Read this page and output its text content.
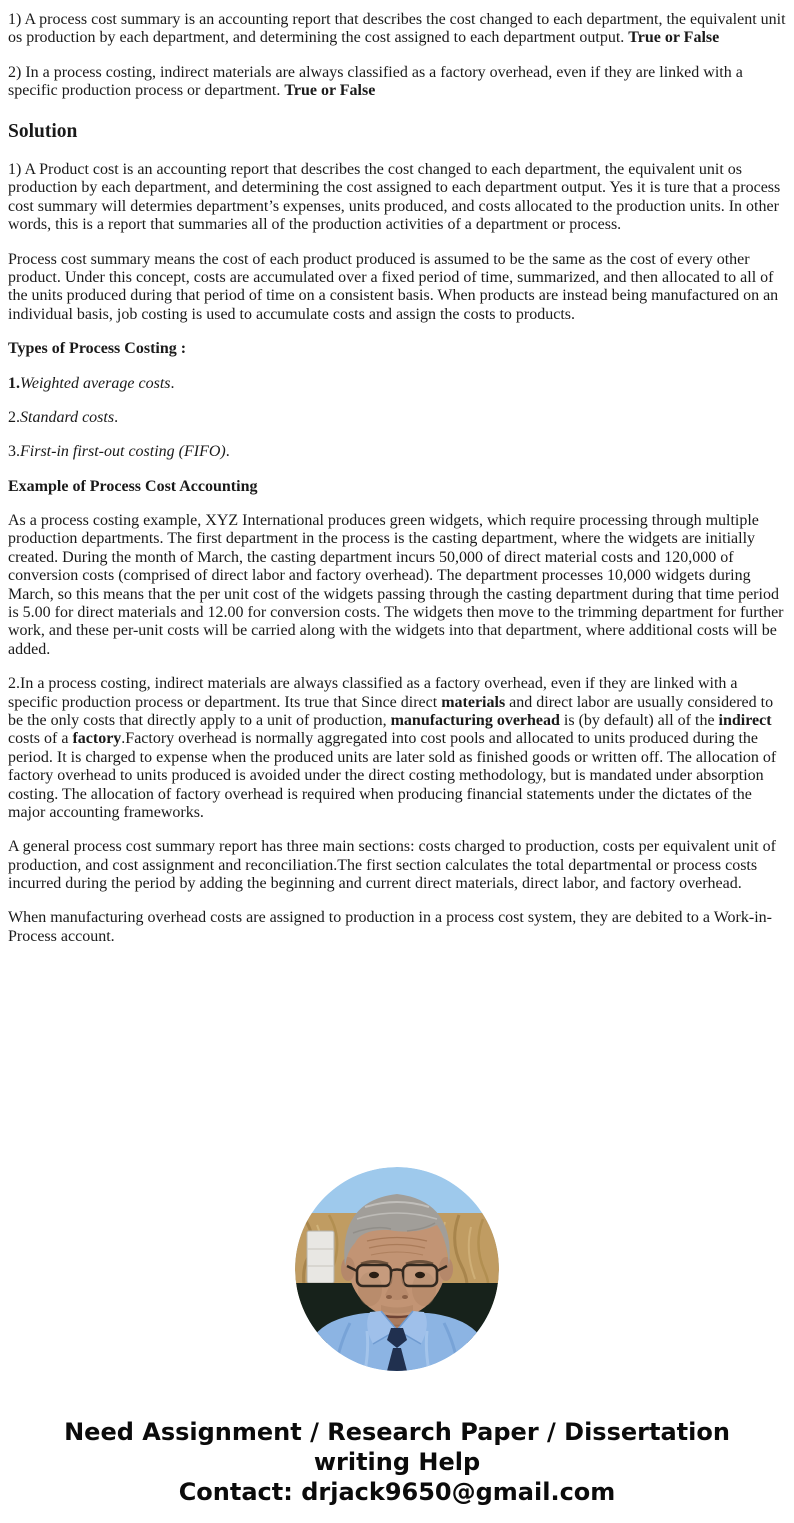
1) A process cost summary is an accounting report that describes the cost changed to each department, the equivalent unit os production by each department, and determining the cost assigned to each department output. True or False

2) In a process costing, indirect materials are always classified as a factory overhead, even if they are linked with a specific production process or department. True or False

Solution

1) A Product cost is an accounting report that describes the cost changed to each department, the equivalent unit os production by each department, and determining the cost assigned to each department output. Yes it is ture that a process cost summary will determies department’s expenses, units produced, and costs allocated to the production units. In other words, this is a report that summaries all of the production activities of a department or process.

Process cost summary means the cost of each product produced is assumed to be the same as the cost of every other product. Under this concept, costs are accumulated over a fixed period of time, summarized, and then allocated to all of the units produced during that period of time on a consistent basis. When products are instead being manufactured on an individual basis, job costing is used to accumulate costs and assign the costs to products.

Types of Process Costing :

1.Weighted average costs.

2.Standard costs.

3.First-in first-out costing (FIFO).

Example of Process Cost Accounting

As a process costing example, XYZ International produces green widgets, which require processing through multiple production departments. The first department in the process is the casting department, where the widgets are initially created. During the month of March, the casting department incurs 50,000 of direct material costs and 120,000 of conversion costs (comprised of direct labor and factory overhead). The department processes 10,000 widgets during March, so this means that the per unit cost of the widgets passing through the casting department during that time period is 5.00 for direct materials and 12.00 for conversion costs. The widgets then move to the trimming department for further work, and these per-unit costs will be carried along with the widgets into that department, where additional costs will be added.

2.In a process costing, indirect materials are always classified as a factory overhead, even if they are linked with a specific production process or department. Its true that Since direct materials and direct labor are usually considered to be the only costs that directly apply to a unit of production, manufacturing overhead is (by default) all of the indirect costs of a factory.Factory overhead is normally aggregated into cost pools and allocated to units produced during the period. It is charged to expense when the produced units are later sold as finished goods or written off. The allocation of factory overhead to units produced is avoided under the direct costing methodology, but is mandated under absorption costing. The allocation of factory overhead is required when producing financial statements under the dictates of the major accounting frameworks.

A general process cost summary report has three main sections: costs charged to production, costs per equivalent unit of production, and cost assignment and reconciliation.The first section calculates the total departmental or process costs incurred during the period by adding the beginning and current direct materials, direct labor, and factory overhead.

When manufacturing overhead costs are assigned to production in a process cost system, they are debited to a Work-in-Process account.

Need Assignment / Research Paper / Dissertation
writing Help
Contact: drjack9650@gmail.com
